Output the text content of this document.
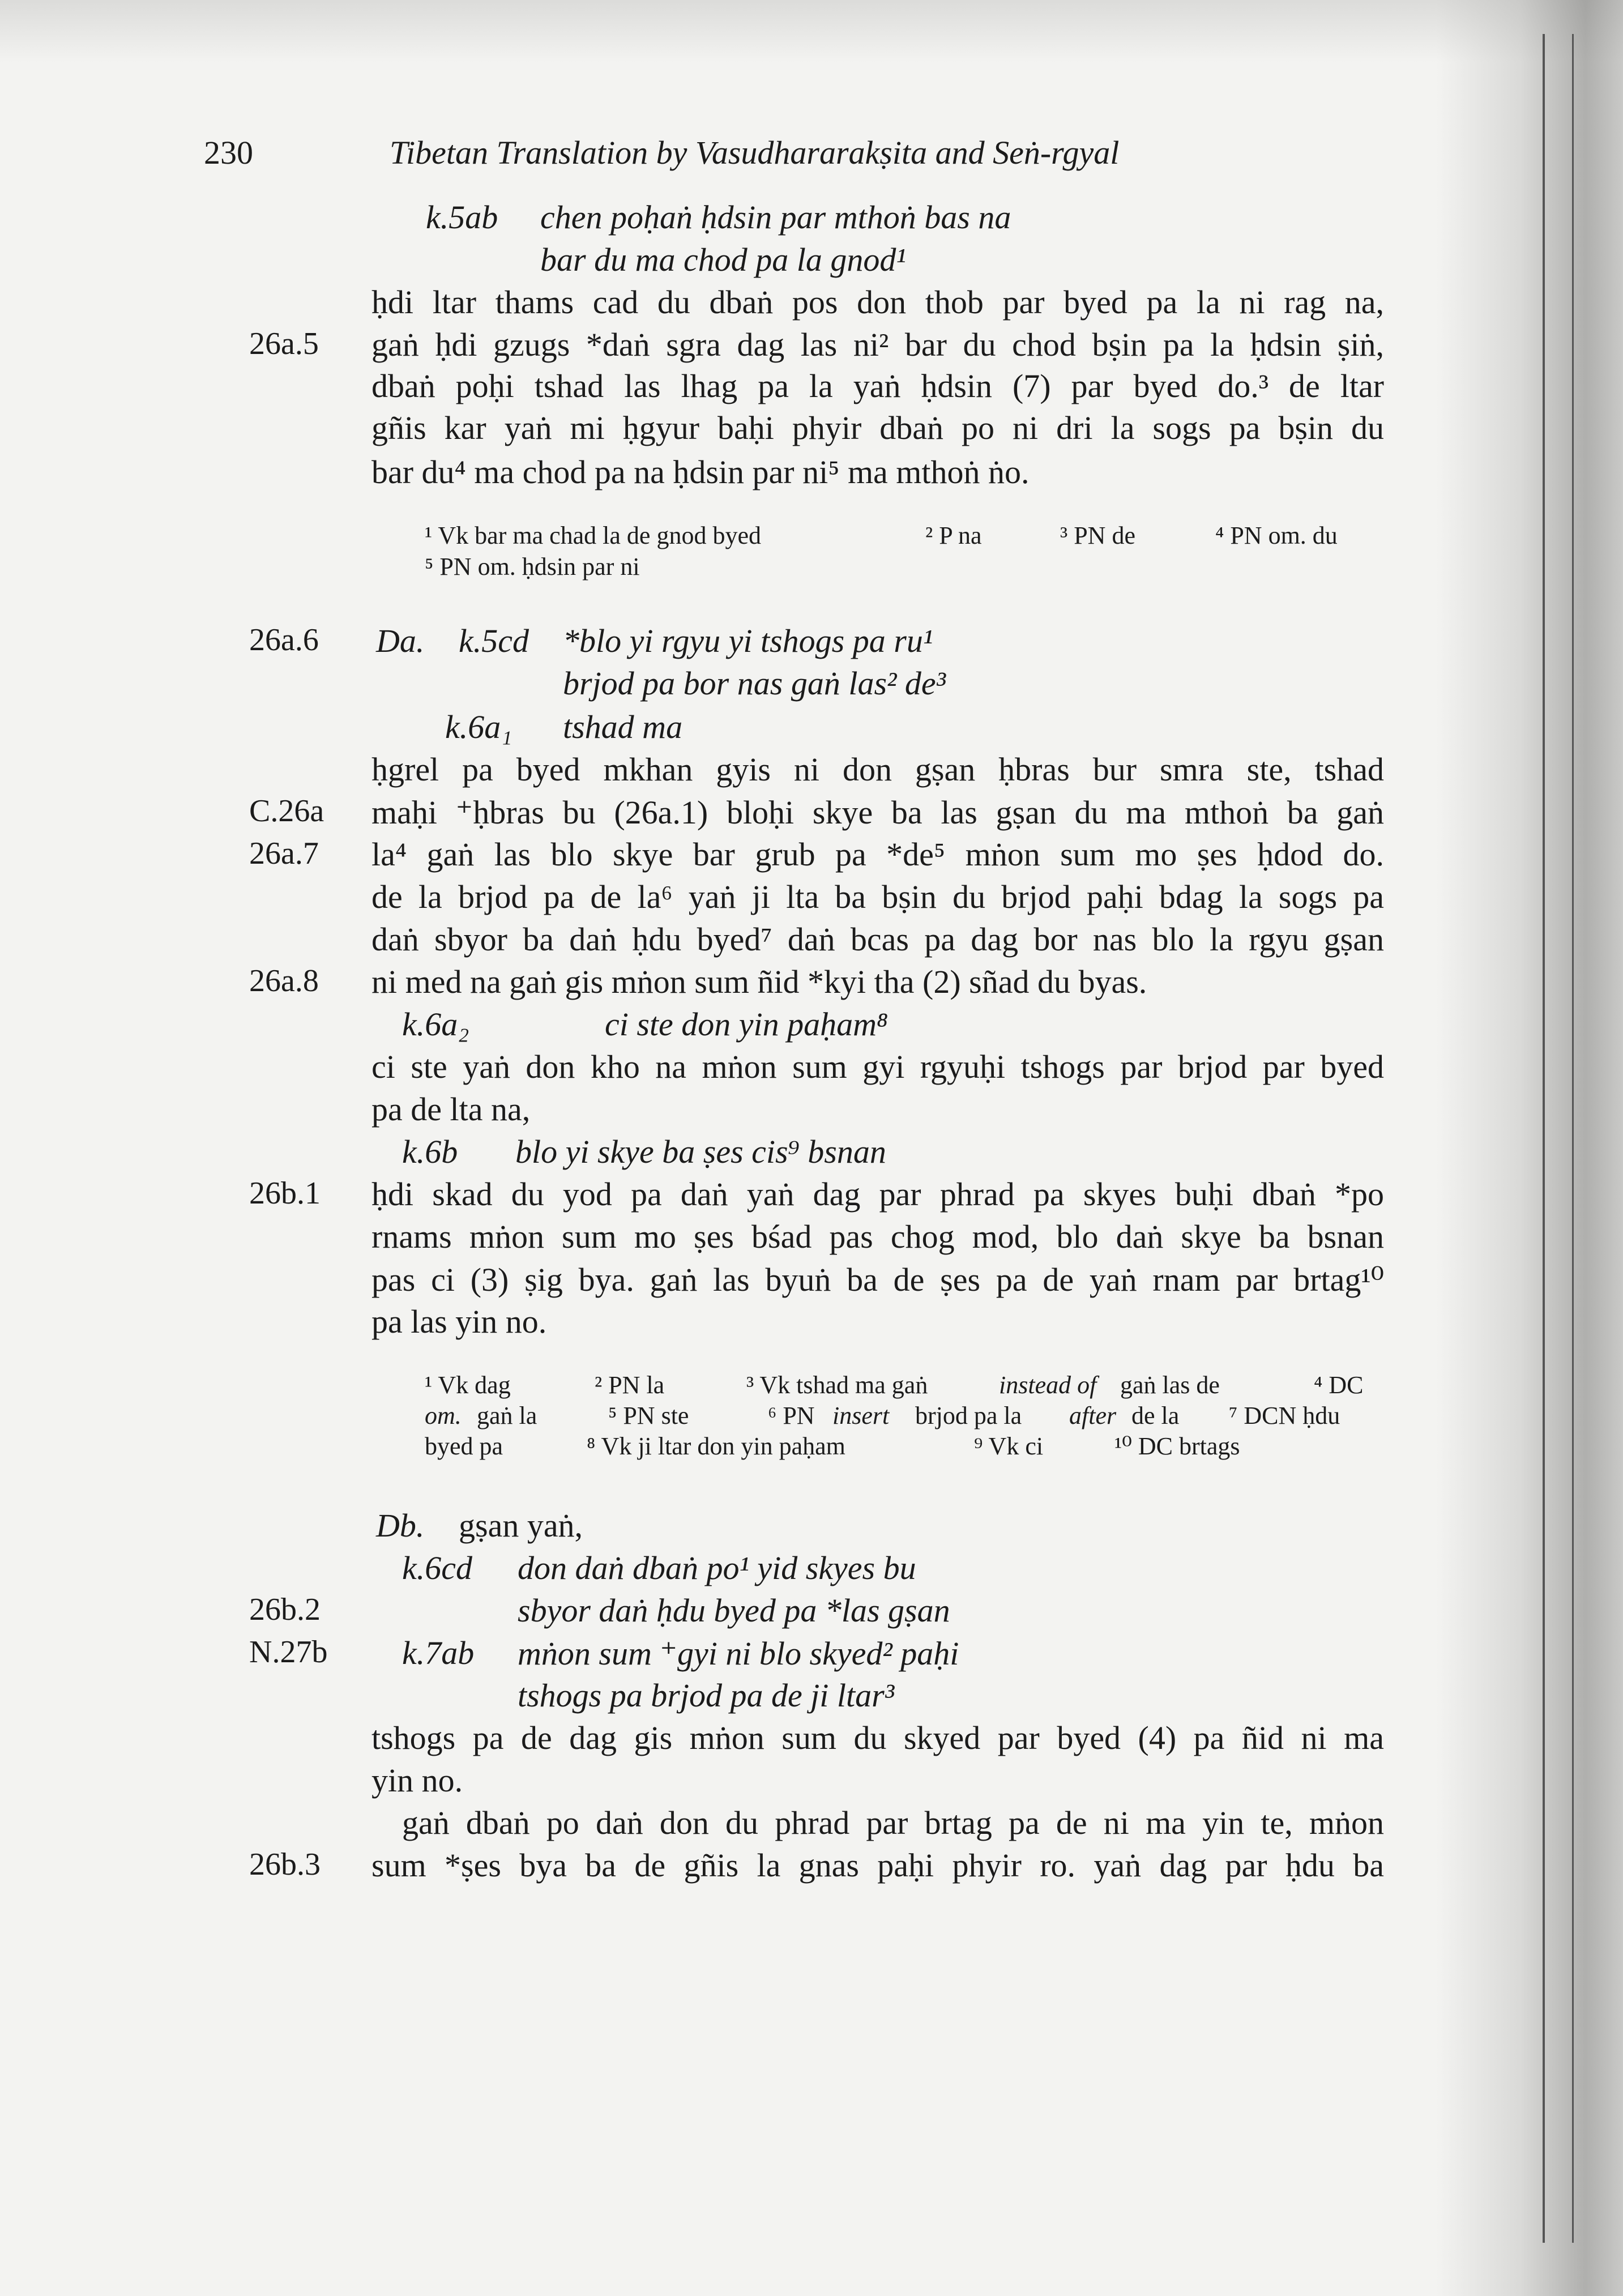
230	Tibetan Translation by Vasudhararakṣita and Seṅ-rgyal
k.5ab chen poḥaṅ ḥdsin par mthoṅ bas na
bar du ma chod pa la gnod¹
ḥdi ltar thams cad du dbaṅ pos don thob par byed pa la ni rag na,
26a.5 gaṅ ḥdi gzugs *daṅ sgra dag las ni² bar du chod bṣin pa la ḥdsin ṣiṅ,
dbaṅ poḥi tshad las lhag pa la yaṅ ḥdsin (7) par byed do.³ de ltar
gñis kar yaṅ mi ḥgyur baḥi phyir dbaṅ po ni dri la sogs pa bṣin du
bar du⁴ ma chod pa na ḥdsin par ni⁵ ma mthoṅ ṅo.
¹ Vk bar ma chad la de gnod byed	² P na	³ PN de	⁴ PN om. du
⁵ PN om. ḥdsin par ni
26a.6 Da. k.5cd *blo yi rgyu yi tshogs pa ru¹
brjod pa bor nas gaṅ las² de³
k.6a₁ tshad ma
ḥgrel pa byed mkhan gyis ni don gṣan ḥbras bur smra ste, tshad
C.26a maḥi ⁺ḥbras bu (26a.1) bloḥi skye ba las gṣan du ma mthoṅ ba gaṅ
26a.7 la⁴ gaṅ las blo skye bar grub pa *de⁵ mṅon sum mo ṣes ḥdod do.
de la brjod pa de la⁶ yaṅ ji lta ba bṣin du brjod paḥi bdag la sogs pa
daṅ sbyor ba daṅ ḥdu byed⁷ daṅ bcas pa dag bor nas blo la rgyu gṣan
26a.8 ni med na gaṅ gis mṅon sum ñid *kyi tha (2) sñad du byas.
k.6a₂	ci ste don yin paḥam⁸
ci ste yaṅ don kho na mṅon sum gyi rgyuḥi tshogs par brjod par byed
pa de lta na,
k.6b blo yi skye ba ṣes cis⁹ bsnan
26b.1 ḥdi skad du yod pa daṅ yaṅ dag par phrad pa skyes buḥi dbaṅ *po
rnams mṅon sum mo ṣes bśad pas chog mod, blo daṅ skye ba bsnan
pas ci (3) ṣig bya. gaṅ las byuṅ ba de ṣes pa de yaṅ rnam par brtag¹⁰
pa las yin no.
¹ Vk dag	² PN la	³ Vk tshad ma gaṅ	instead of gaṅ las de	⁴ DC
om. gaṅ la	⁵ PN ste	⁶ PN insert brjod pa la after de la ⁷ DCN ḥdu
byed pa	⁸ Vk ji ltar don yin paḥam	⁹ Vk ci	¹⁰ DC brtags
Db. gṣan yaṅ,
k.6cd don daṅ dbaṅ po¹ yid skyes bu
26b.2	sbyor daṅ ḥdu byed pa *las gṣan
N.27b k.7ab mṅon sum ⁺gyi ni blo skyed² paḥi
tshogs pa brjod pa de ji ltar³
tshogs pa de dag gis mṅon sum du skyed par byed (4) pa ñid ni ma
yin no.
gaṅ dbaṅ po daṅ don du phrad par brtag pa de ni ma yin te, mṅon
26b.3 sum *ṣes bya ba de gñis la gnas paḥi phyir ro. yaṅ dag par ḥdu ba
